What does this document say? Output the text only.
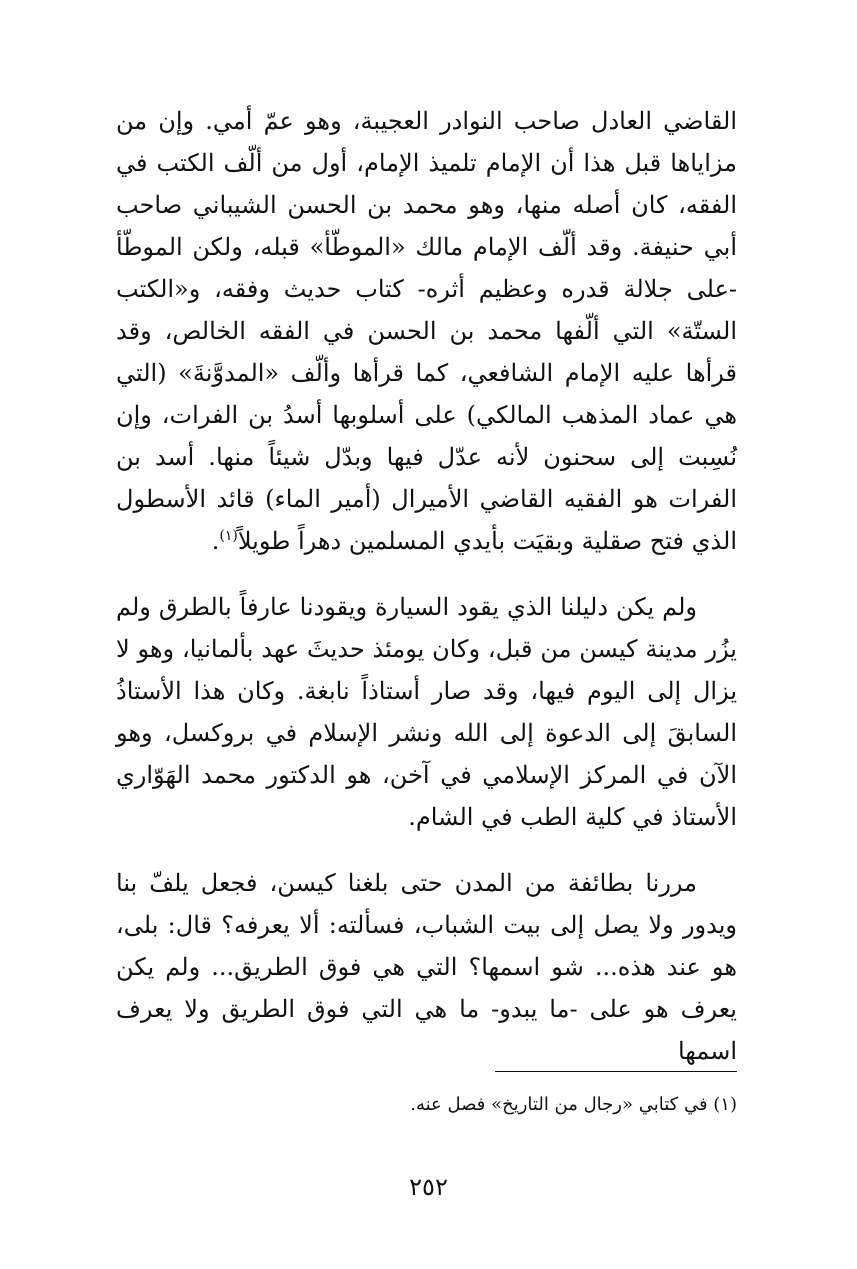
القاضي العادل صاحب النوادر العجيبة، وهو عمّ أمي. وإن من مزاياها قبل هذا أن الإمام تلميذ الإمام، أول من ألّف الكتب في الفقه، كان أصله منها، وهو محمد بن الحسن الشيباني صاحب أبي حنيفة. وقد ألّف الإمام مالك «الموطّأ» قبله، ولكن الموطّأ -على جلالة قدره وعظيم أثره- كتاب حديث وفقه، و«الكتب الستّة» التي ألّفها محمد بن الحسن في الفقه الخالص، وقد قرأها عليه الإمام الشافعي، كما قرأها وألّف «المدوَّنةَ» (التي هي عماد المذهب المالكي) على أسلوبها أسدُ بن الفرات، وإن نُسِبت إلى سحنون لأنه عدّل فيها وبدّل شيئاً منها. أسد بن الفرات هو الفقيه القاضي الأميرال (أمير الماء) قائد الأسطول الذي فتح صقلية وبقيَت بأيدي المسلمين دهراً طويلاً$^{(١)}$.

ولم يكن دليلنا الذي يقود السيارة ويقودنا عارفاً بالطرق ولم يزُر مدينة كيسن من قبل، وكان يومئذ حديثَ عهد بألمانيا، وهو لا يزال إلى اليوم فيها، وقد صار أستاذاً نابغة. وكان هذا الأستاذُ السابقَ إلى الدعوة إلى الله ونشر الإسلام في بروكسل، وهو الآن في المركز الإسلامي في آخن، هو الدكتور محمد الهَوّاري الأستاذ في كلية الطب في الشام.

مررنا بطائفة من المدن حتى بلغنا كيسن، فجعل يلفّ بنا ويدور ولا يصل إلى بيت الشباب، فسألته: ألا يعرفه؟ قال: بلى، هو عند هذه... شو اسمها؟ التي هي فوق الطريق... ولم يكن يعرف هو على -ما يبدو- ما هي التي فوق الطريق ولا يعرف اسمها

(١) في كتابي «رجال من التاريخ» فصل عنه.

٢٥٢
